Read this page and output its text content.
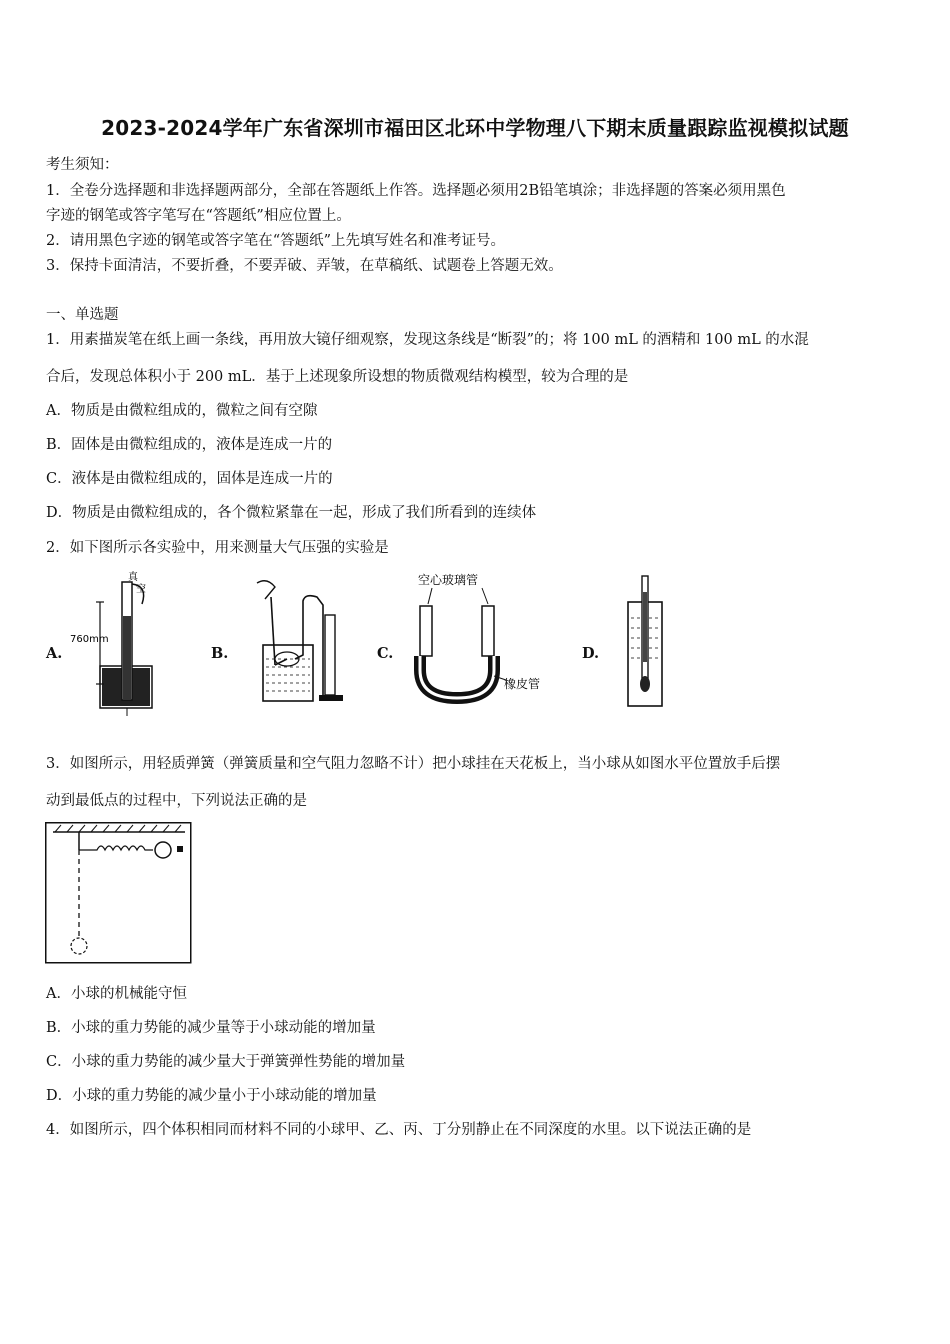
2023-2024学年广东省深圳市福田区北环中学物理八下期末质量跟踪监视模拟试题
考生须知：
1．全卷分选择题和非选择题两部分，全部在答题纸上作答。选择题必须用2B铅笔填涂；非选择题的答案必须用黑色
字迹的钢笔或答字笔写在“答题纸”相应位置上。
2．请用黑色字迹的钢笔或答字笔在“答题纸”上先填写姓名和准考证号。
3．保持卡面清洁，不要折叠，不要弄破、弄皱，在草稿纸、试题卷上答题无效。
一、单选题
1．用素描炭笔在纸上画一条线，再用放大镜仔细观察，发现这条线是“断裂”的；将 100 mL 的酒精和 100 mL 的水混
合后，发现总体积小于 200 mL．基于上述现象所设想的物质微观结构模型，较为合理的是
A．物质是由微粒组成的，微粒之间有空隙
B．固体是由微粒组成的，液体是连成一片的
C．液体是由微粒组成的，固体是连成一片的
D．物质是由微粒组成的，各个微粒紧靠在一起，形成了我们所看到的连续体
2．如下图所示各实验中，用来测量大气压强的实验是
A.	B.	C.	D.
真
空
760mm
空心玻璃管
橡皮管
3．如图所示，用轻质弹簧（弹簧质量和空气阻力忽略不计）把小球挂在天花板上，当小球从如图水平位置放手后摆
动到最低点的过程中，下列说法正确的是
A．小球的机械能守恒
B．小球的重力势能的减少量等于小球动能的增加量
C．小球的重力势能的减少量大于弹簧弹性势能的增加量
D．小球的重力势能的减少量小于小球动能的增加量
4．如图所示，四个体积相同而材料不同的小球甲、乙、丙、丁分别静止在不同深度的水里。以下说法正确的是
